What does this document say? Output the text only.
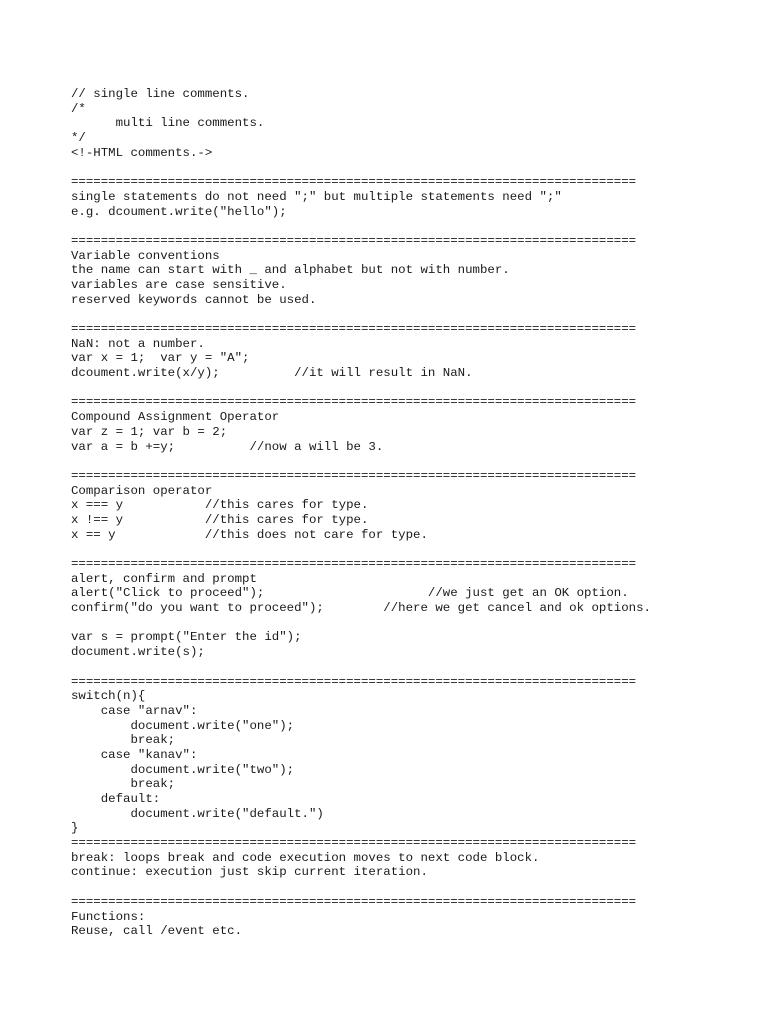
// single line comments.
/*
multi line comments.
*/
<!-HTML comments.->
============================================================================
single statements do not need ";" but multiple statements need ";"
e.g. dcoument.write("hello");
============================================================================
Variable conventions
the name can start with _ and alphabet but not with number.
variables are case sensitive.
reserved keywords cannot be used.
============================================================================
NaN: not a number.
var x = 1;  var y = "A";
dcoument.write(x/y);          //it will result in NaN.
============================================================================
Compound Assignment Operator
var z = 1; var b = 2;
var a = b +=y;          //now a will be 3.
============================================================================
Comparison operator
x === y           //this cares for type.
x !== y           //this cares for type.
x == y            //this does not care for type.
============================================================================
alert, confirm and prompt
alert("Click to proceed");                      //we just get an OK option.
confirm("do you want to proceed");        //here we get cancel and ok options.
var s = prompt("Enter the id");
document.write(s);
============================================================================
switch(n){
case "arnav":
document.write("one");
break;
case "kanav":
document.write("two");
break;
default:
document.write("default.")
}
============================================================================
break: loops break and code execution moves to next code block.
continue: execution just skip current iteration.
============================================================================
Functions:
Reuse, call /event etc.
